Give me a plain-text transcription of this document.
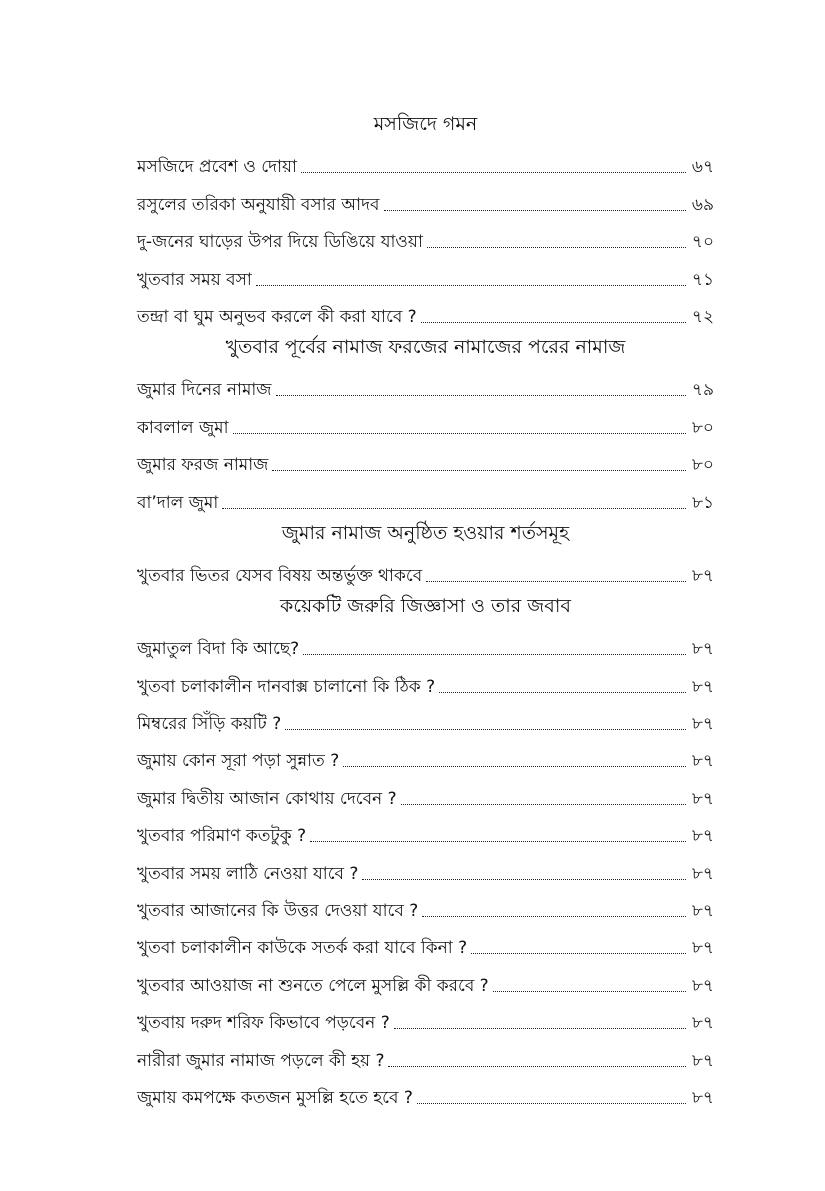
মসজিদে গমন
মসজিদে প্রবেশ ও দোয়া	৬৭
রসুলের তরিকা অনুযায়ী বসার আদব	৬৯
দু-জনের ঘাড়ের উপর দিয়ে ডিঙিয়ে যাওয়া	৭০
খুতবার সময় বসা	৭১
তন্দ্রা বা ঘুম অনুভব করলে কী করা যাবে ?	৭২
খুতবার পূর্বের নামাজ ফরজের নামাজের পরের নামাজ
জুমার দিনের নামাজ	৭৯
কাবলাল জুমা	৮০
জুমার ফরজ নামাজ	৮০
বা’দাল জুমা	৮১
জুমার নামাজ অনুষ্ঠিত হওয়ার শর্তসমূহ
খুতবার ভিতর যেসব বিষয় অন্তর্ভুক্ত থাকবে	৮৭
কয়েকটি জরুরি জিজ্ঞাসা ও তার জবাব
জুমাতুল বিদা কি আছে?	৮৭
খুতবা চলাকালীন দানবাক্স চালানো কি ঠিক ?	৮৭
মিম্বরের সিঁড়ি কয়টি ?	৮৭
জুমায় কোন সূরা পড়া সুন্নাত ?	৮৭
জুমার দ্বিতীয় আজান কোথায় দেবেন ?	৮৭
খুতবার পরিমাণ কতটুকু ?	৮৭
খুতবার সময় লাঠি নেওয়া যাবে ?	৮৭
খুতবার আজানের কি উত্তর দেওয়া যাবে ?	৮৭
খুতবা চলাকালীন কাউকে সতর্ক করা যাবে কিনা ?	৮৭
খুতবার আওয়াজ না শুনতে পেলে মুসল্লি কী করবে ?	৮৭
খুতবায় দরুদ শরিফ কিভাবে পড়বেন ?	৮৭
নারীরা জুমার নামাজ পড়লে কী হয় ?	৮৭
জুমায় কমপক্ষে কতজন মুসল্লি হতে হবে ?	৮৭
